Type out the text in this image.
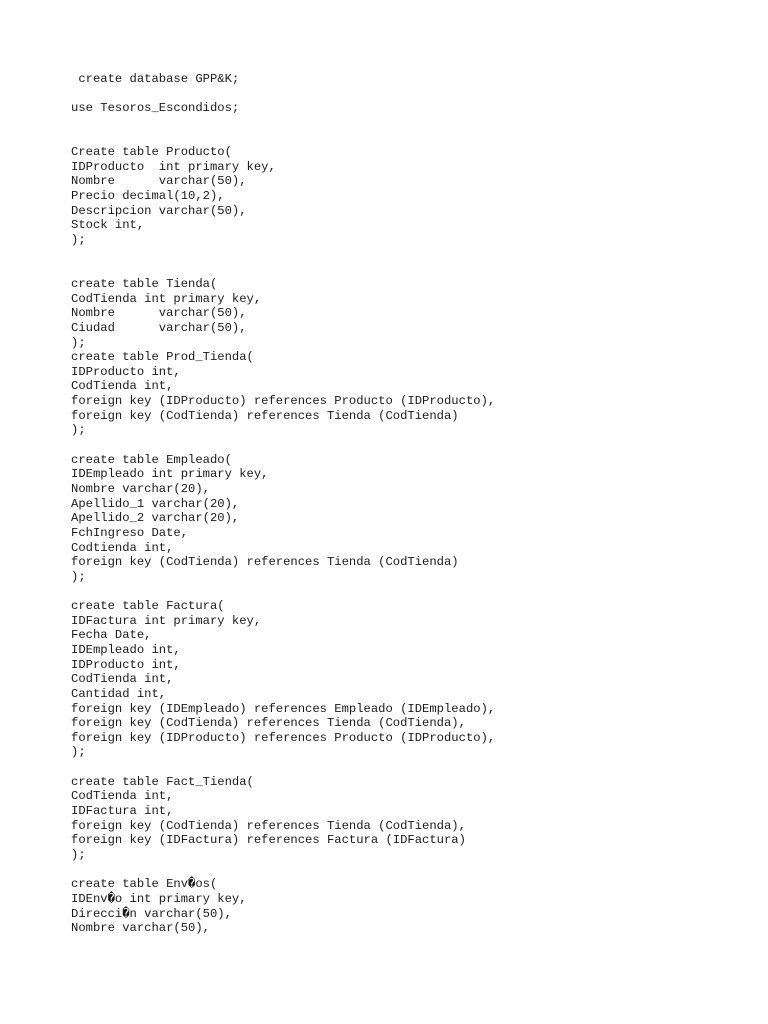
create database GPP&K;
use Tesoros_Escondidos;
Create table Producto(
IDProducto  int primary key,
Nombre      varchar(50),
Precio decimal(10,2),
Descripcion varchar(50),
Stock int,
);
create table Tienda(
CodTienda int primary key,
Nombre      varchar(50),
Ciudad      varchar(50),
);
create table Prod_Tienda(
IDProducto int,
CodTienda int,
foreign key (IDProducto) references Producto (IDProducto),
foreign key (CodTienda) references Tienda (CodTienda)
);
create table Empleado(
IDEmpleado int primary key,
Nombre varchar(20),
Apellido_1 varchar(20),
Apellido_2 varchar(20),
FchIngreso Date,
Codtienda int,
foreign key (CodTienda) references Tienda (CodTienda)
);
create table Factura(
IDFactura int primary key,
Fecha Date,
IDEmpleado int,
IDProducto int,
CodTienda int,
Cantidad int,
foreign key (IDEmpleado) references Empleado (IDEmpleado),
foreign key (CodTienda) references Tienda (CodTienda),
foreign key (IDProducto) references Producto (IDProducto),
);
create table Fact_Tienda(
CodTienda int,
IDFactura int,
foreign key (CodTienda) references Tienda (CodTienda),
foreign key (IDFactura) references Factura (IDFactura)
);
create table Env�os(
IDEnv�o int primary key,
Direcci�n varchar(50),
Nombre varchar(50),
